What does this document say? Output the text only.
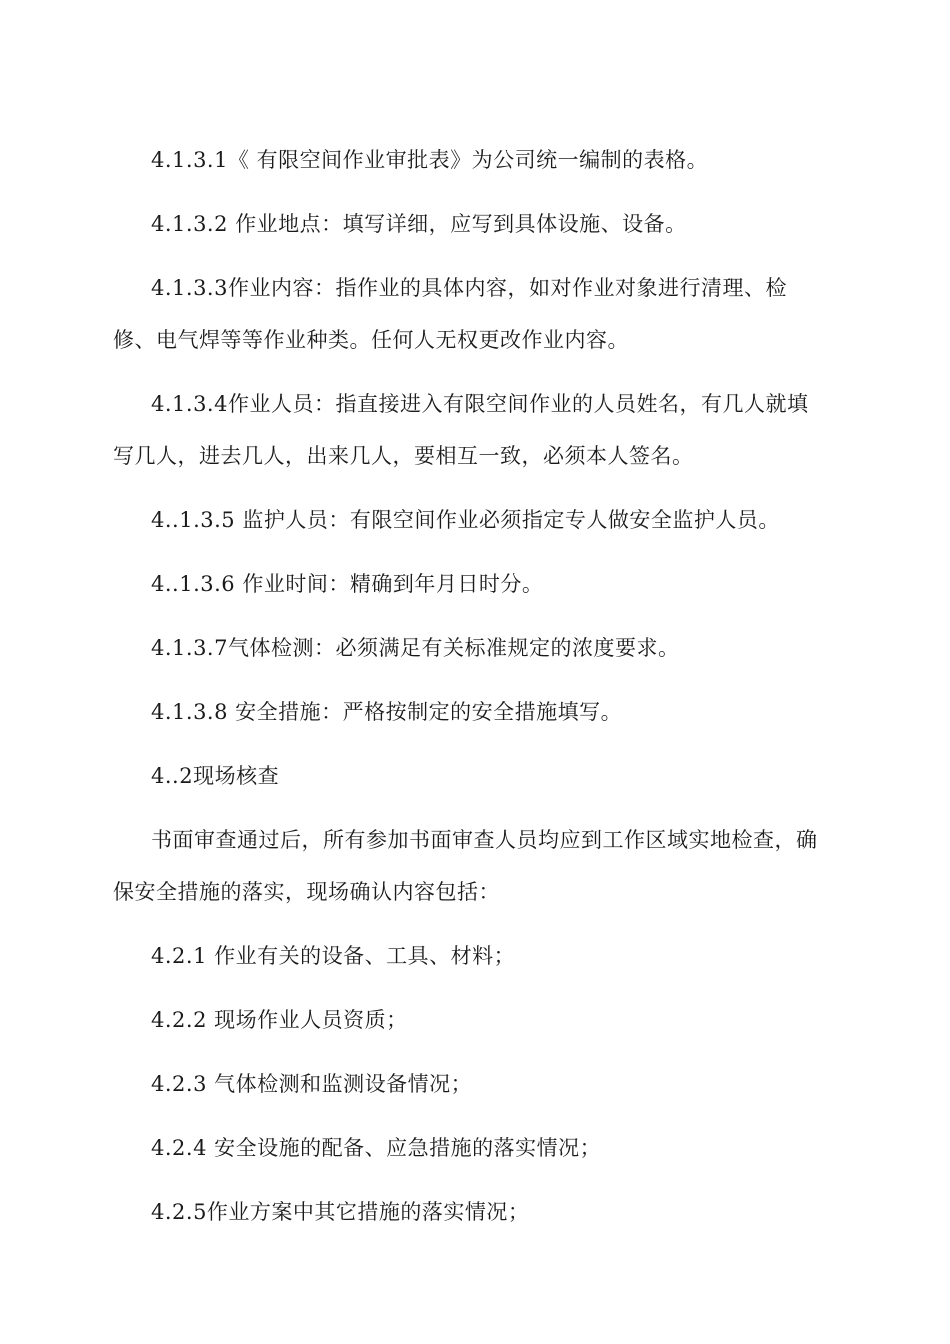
4.1.3.1《 有限空间作业审批表》为公司统一编制的表格。

4.1.3.2 作业地点：填写详细，应写到具体设施、设备。

4.1.3.3作业内容：指作业的具体内容，如对作业对象进行清理、检修、电气焊等等作业种类。任何人无权更改作业内容。

4.1.3.4作业人员：指直接进入有限空间作业的人员姓名，有几人就填写几人，进去几人，出来几人，要相互一致，必须本人签名。

4..1.3.5 监护人员：有限空间作业必须指定专人做安全监护人员。

4..1.3.6 作业时间：精确到年月日时分。

4.1.3.7气体检测：必须满足有关标准规定的浓度要求。

4.1.3.8 安全措施：严格按制定的安全措施填写。

4..2现场核查

书面审查通过后，所有参加书面审查人员均应到工作区域实地检查，确保安全措施的落实，现场确认内容包括：

4.2.1 作业有关的设备、工具、材料；

4.2.2 现场作业人员资质；

4.2.3 气体检测和监测设备情况；

4.2.4 安全设施的配备、应急措施的落实情况；

4.2.5作业方案中其它措施的落实情况；
